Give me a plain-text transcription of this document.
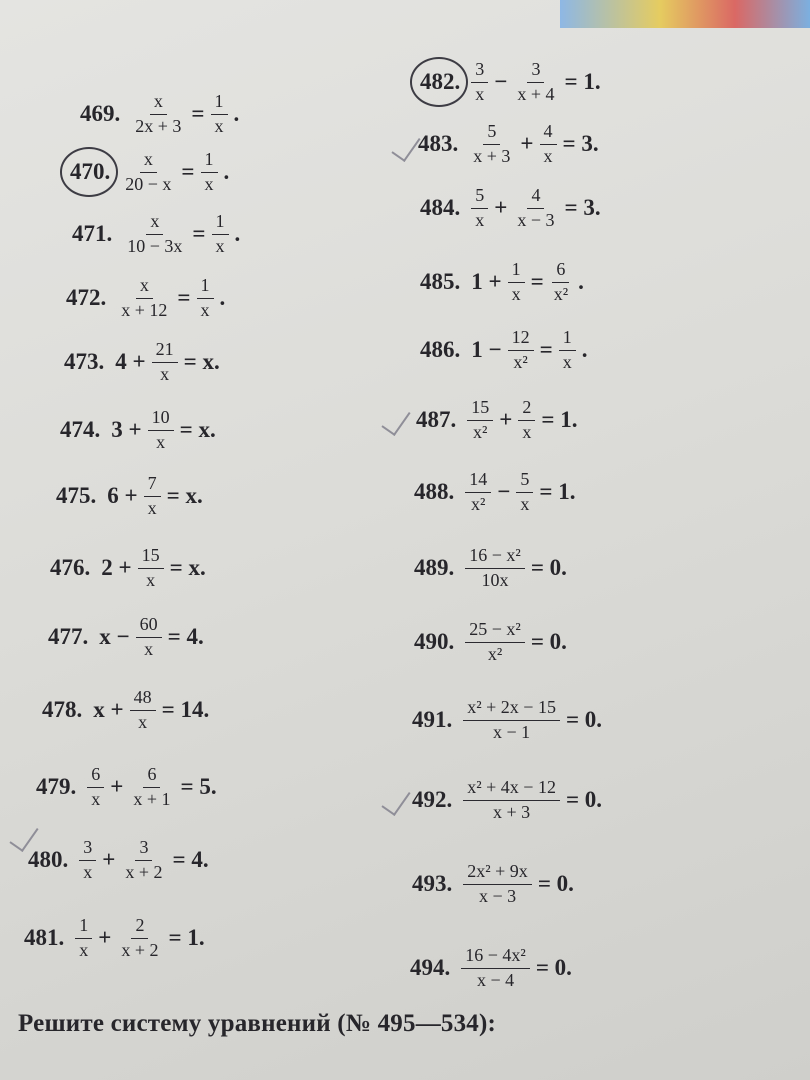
469. $\frac{x}{2x + 3} = \frac{1}{x}$ .
470. $\frac{x}{20 - x} = \frac{1}{x}$ .
471. $\frac{x}{10 - 3x} = \frac{1}{x}$ .
472. $\frac{x}{x + 12} = \frac{1}{x}$ .
473. $4 + \frac{21}{x} = x$.
474. $3 + \frac{10}{x} = x$.
475. $6 + \frac{7}{x} = x$.
476. $2 + \frac{15}{x} = x$.
477. $x - \frac{60}{x} = 4$.
478. $x + \frac{48}{x} = 14$.
479. $\frac{6}{x} + \frac{6}{x + 1} = 5$.
480. $\frac{3}{x} + \frac{3}{x + 2} = 4$.
481. $\frac{1}{x} + \frac{2}{x + 2} = 1$.
482. $\frac{3}{x} - \frac{3}{x + 4} = 1$.
483. $\frac{5}{x + 3} + \frac{4}{x} = 3$.
484. $\frac{5}{x} + \frac{4}{x - 3} = 3$.
485. $1 + \frac{1}{x} = \frac{6}{\text{x²}}$ .
486. $1 - \frac{12}{\text{x²}} = \frac{1}{x}$ .
487. $\frac{15}{\text{x²}} + \frac{2}{x} = 1$.
488. $\frac{14}{\text{x²}} - \frac{5}{x} = 1$.
489. $\frac{\text{16 − x²}}{10x} = 0$.
490. $\frac{\text{25 − x²}}{\text{x²}} = 0$.
491. $\frac{\text{x² + 2x − 15}}{x - 1} = 0$.
492. $\frac{\text{x² + 4x − 12}}{x + 3} = 0$.
493. $\frac{\text{2x² + 9x}}{x - 3} = 0$.
494. $\frac{\text{16 − 4x²}}{x - 4} = 0$.
Решите систему уравнений (№ 495—534):
